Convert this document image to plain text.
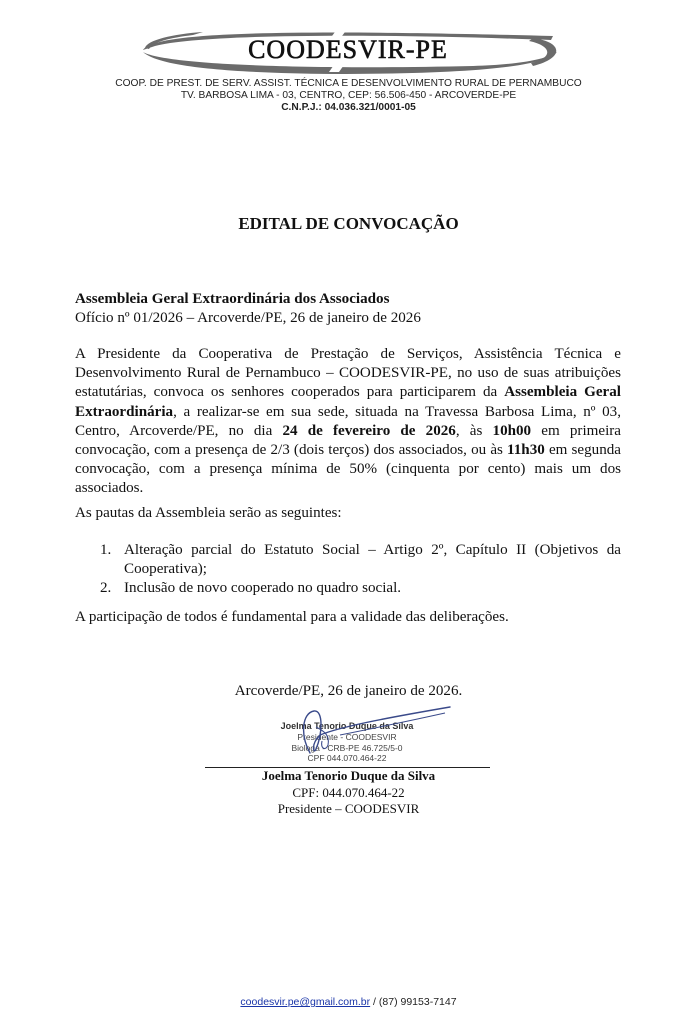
COODESVIR-PE
COOP. DE PREST. DE SERV. ASSIST. TÉCNICA E DESENVOLVIMENTO RURAL DE PERNAMBUCO
TV. BARBOSA LIMA - 03, CENTRO, CEP: 56.506-450 - ARCOVERDE-PE
C.N.P.J.: 04.036.321/0001-05
EDITAL DE CONVOCAÇÃO
Assembleia Geral Extraordinária dos Associados
Ofício nº 01/2026 – Arcoverde/PE, 26 de janeiro de 2026
A Presidente da Cooperativa de Prestação de Serviços, Assistência Técnica e Desenvolvimento Rural de Pernambuco – COODESVIR-PE, no uso de suas atribuições estatutárias, convoca os senhores cooperados para participarem da Assembleia Geral Extraordinária, a realizar-se em sua sede, situada na Travessa Barbosa Lima, nº 03, Centro, Arcoverde/PE, no dia 24 de fevereiro de 2026, às 10h00 em primeira convocação, com a presença de 2/3 (dois terços) dos associados, ou às 11h30 em segunda convocação, com a presença mínima de 50% (cinquenta por cento) mais um dos associados.
As pautas da Assembleia serão as seguintes:
1. Alteração parcial do Estatuto Social – Artigo 2º, Capítulo II (Objetivos da Cooperativa);
2. Inclusão de novo cooperado no quadro social.
A participação de todos é fundamental para a validade das deliberações.
Arcoverde/PE, 26 de janeiro de 2026.
Joelma Tenorio Duque da Silva
Presidente - COODESVIR
Biologa - CRB-PE 46.725/5-0
CPF 044.070.464-22
Joelma Tenorio Duque da Silva
CPF: 044.070.464-22
Presidente – COODESVIR
coodesvir.pe@gmail.com.br / (87) 99153-7147
